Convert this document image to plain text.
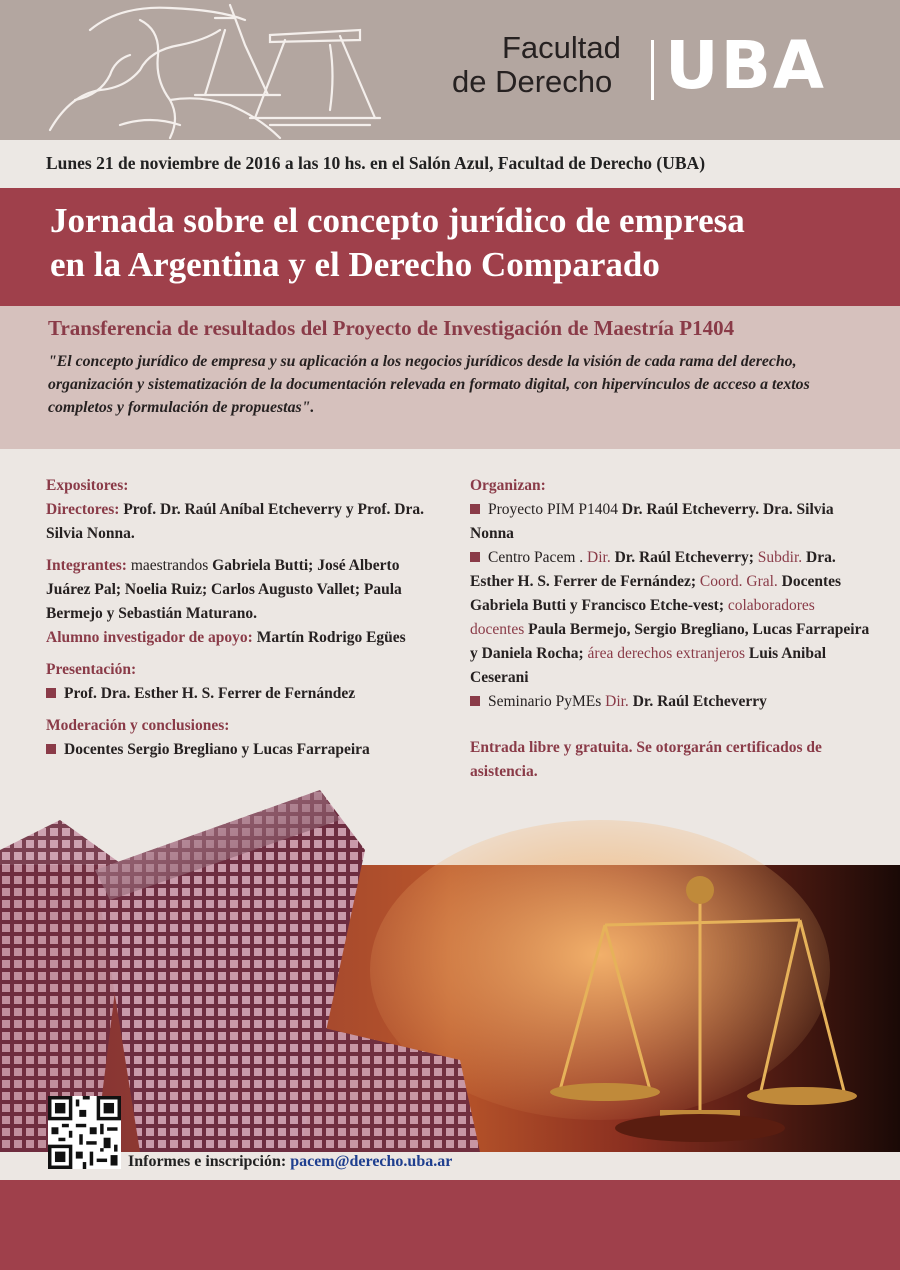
Facultad
de Derecho UBA
Lunes 21 de noviembre de 2016 a las 10 hs. en el Salón Azul, Facultad de Derecho (UBA)
Jornada sobre el concepto jurídico de empresa
en la Argentina y el Derecho Comparado
Transferencia de resultados del Proyecto de Investigación de Maestría P1404
"El concepto jurídico de empresa y su aplicación a los negocios jurídicos desde la visión de cada rama del derecho, organización y sistematización de la documentación relevada en formato digital, con hipervínculos de acceso a textos completos y formulación de propuestas".

Expositores:

Directores: Prof. Dr. Raúl Aníbal Etcheverry y Prof. Dra. Silvia Nonna.

Integrantes: maestrandos Gabriela Butti; José Alberto Juárez Pal; Noelia Ruiz; Carlos Augusto Vallet; Paula Bermejo y Sebastián Maturano.
Alumno investigador de apoyo: Martín Rodrigo Egües

Presentación:

Prof. Dra. Esther H. S. Ferrer de Fernández

Moderación y conclusiones:

Docentes Sergio Bregliano y Lucas Farrapeira

Organizan:

Proyecto PIM P1404 Dr. Raúl Etcheverry. Dra. Silvia Nonna

Centro Pacem . Dir. Dr. Raúl Etcheverry; Subdir. Dra. Esther H. S. Ferrer de Fernández; Coord. Gral. Docentes Gabriela Butti y Francisco Etche-vest; colaboradores docentes Paula Bermejo, Sergio Bregliano, Lucas Farrapeira y Daniela Rocha; área derechos extranjeros Luis Anibal Ceserani

Seminario PyMEs Dir. Dr. Raúl Etcheverry

Entrada libre y gratuita. Se otorgarán certificados de asistencia.

Informes e inscripción: pacem@derecho.uba.ar
